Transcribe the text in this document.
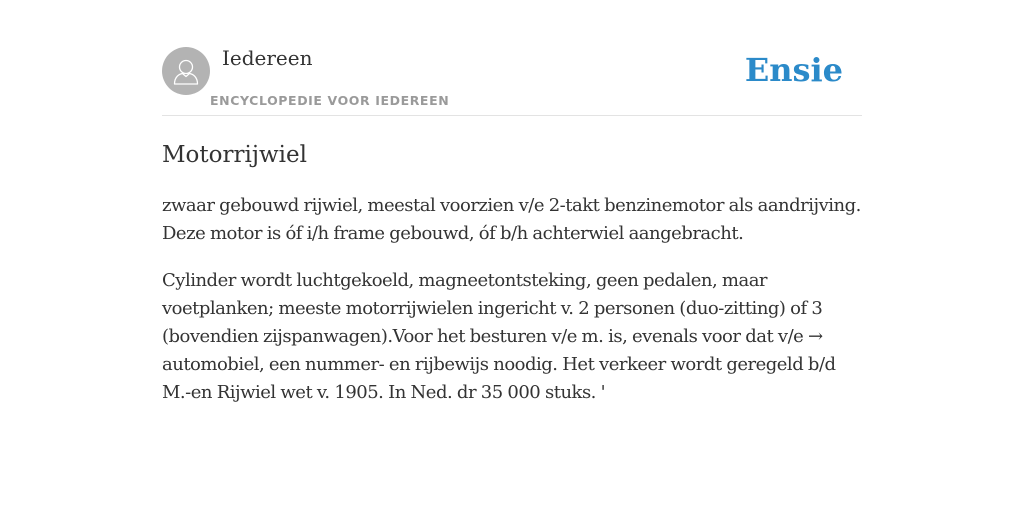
Iedereen
ENCYCLOPEDIE VOOR IEDEREEN
Ensie
Motorrijwiel

zwaar gebouwd rijwiel, meestal voorzien v/e 2-takt benzinemotor als aandrijving. Deze motor is óf i/h frame gebouwd, óf b/h achterwiel aangebracht.

Cylinder wordt luchtgekoeld, magneetontsteking, geen pedalen, maar voetplanken; meeste motorrijwielen ingericht v. 2 personen (duo-zitting) of 3 (bovendien zijspanwagen).Voor het besturen v/e m. is, evenals voor dat v/e → automobiel, een nummer- en rijbewijs noodig. Het verkeer wordt geregeld b/d M.-en Rijwiel wet v. 1905. In Ned. dr 35 000 stuks. '
